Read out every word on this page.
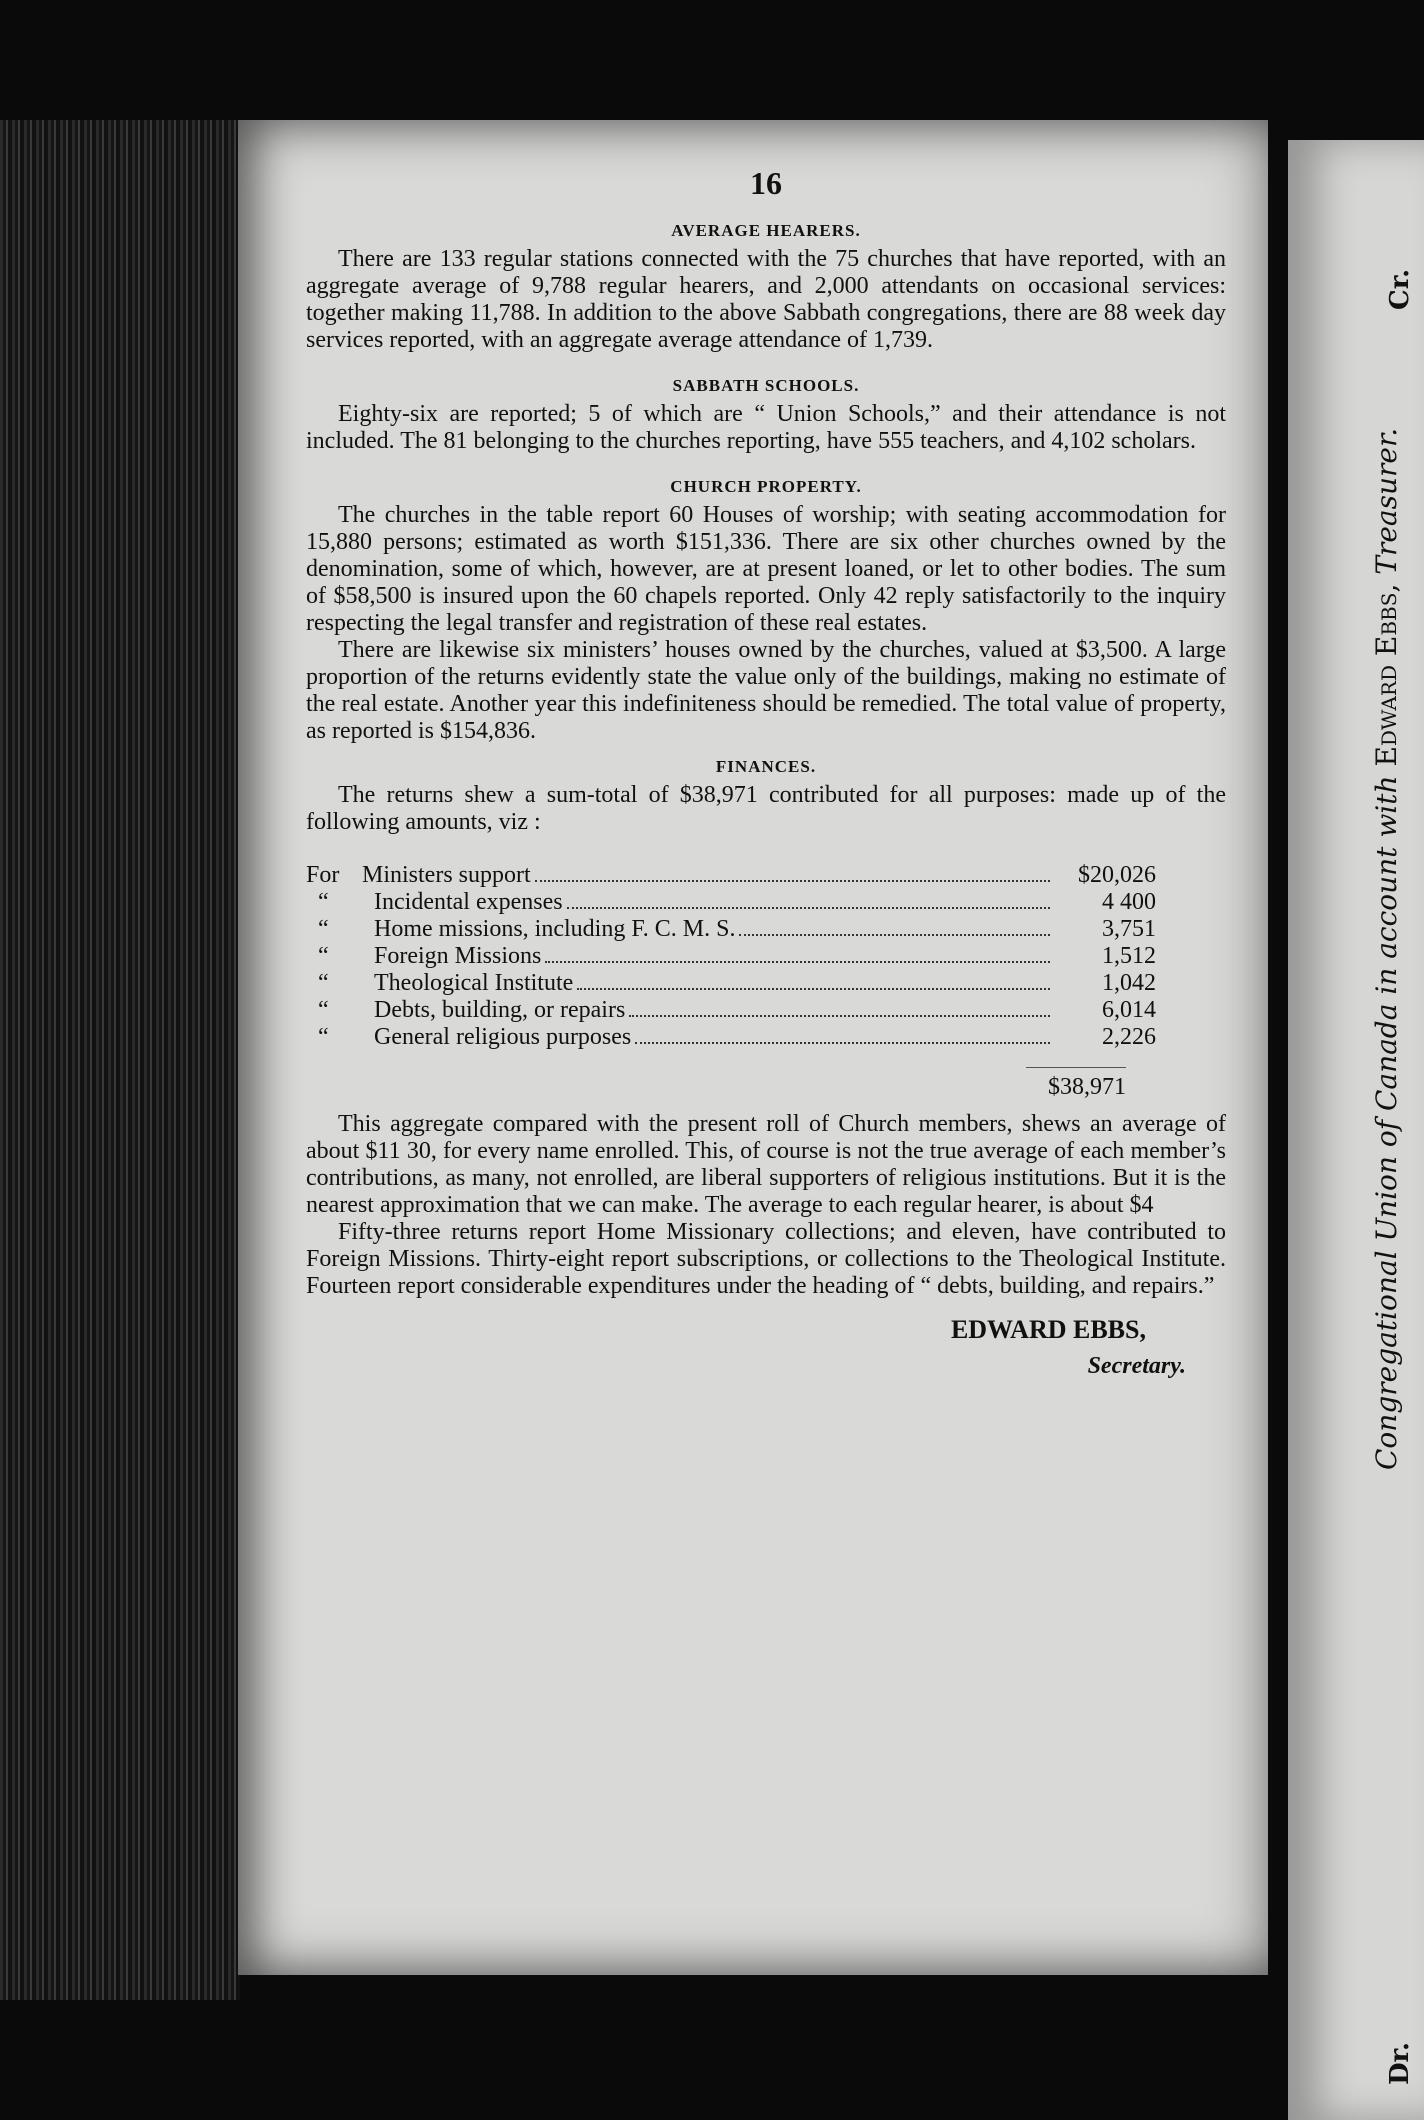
16
AVERAGE HEARERS.

There are 133 regular stations connected with the 75 churches that have reported, with an aggregate average of 9,788 regular hearers, and 2,000 attendants on occasional services: together making 11,788. In addition to the above Sabbath congregations, there are 88 week day services reported, with an aggregate average attendance of 1,739.

SABBATH SCHOOLS.

Eighty-six are reported; 5 of which are “ Union Schools,” and their attendance is not included. The 81 belonging to the churches reporting, have 555 teachers, and 4,102 scholars.

CHURCH PROPERTY.

The churches in the table report 60 Houses of worship; with seating accommodation for 15,880 persons; estimated as worth $151,336. There are six other churches owned by the denomination, some of which, however, are at present loaned, or let to other bodies. The sum of $58,500 is insured upon the 60 chapels reported. Only 42 reply satisfactorily to the inquiry respecting the legal transfer and registration of these real estates.

There are likewise six ministers’ houses owned by the churches, valued at $3,500. A large proportion of the returns evidently state the value only of the buildings, making no estimate of the real estate. Another year this indefiniteness should be remedied. The total value of property, as reported is $154,836.

FINANCES.

The returns shew a sum-total of $38,971 contributed for all purposes: made up of the following amounts, viz :

For Ministers support	$20,026
“	Incidental expenses	4 400
“	Home missions, including F. C. M. S.	3,751
“	Foreign Missions	1,512
“	Theological Institute	1,042
“	Debts, building, or repairs	6,014
“	General religious purposes	2,226
$38,971

This aggregate compared with the present roll of Church members, shews an average of about $11 30, for every name enrolled. This, of course is not the true average of each member’s contributions, as many, not enrolled, are liberal supporters of religious institutions. But it is the nearest approximation that we can make. The average to each regular hearer, is about $4

Fifty-three returns report Home Missionary collections; and eleven, have contributed to Foreign Missions. Thirty-eight report subscriptions, or collections to the Theological Institute. Fourteen report considerable expenditures under the heading of “ debts, building, and repairs.”

EDWARD EBBS,
Secretary.
Cr.
Congregational Union of Canada in account with Edward Ebbs, Treasurer.
Dr.
